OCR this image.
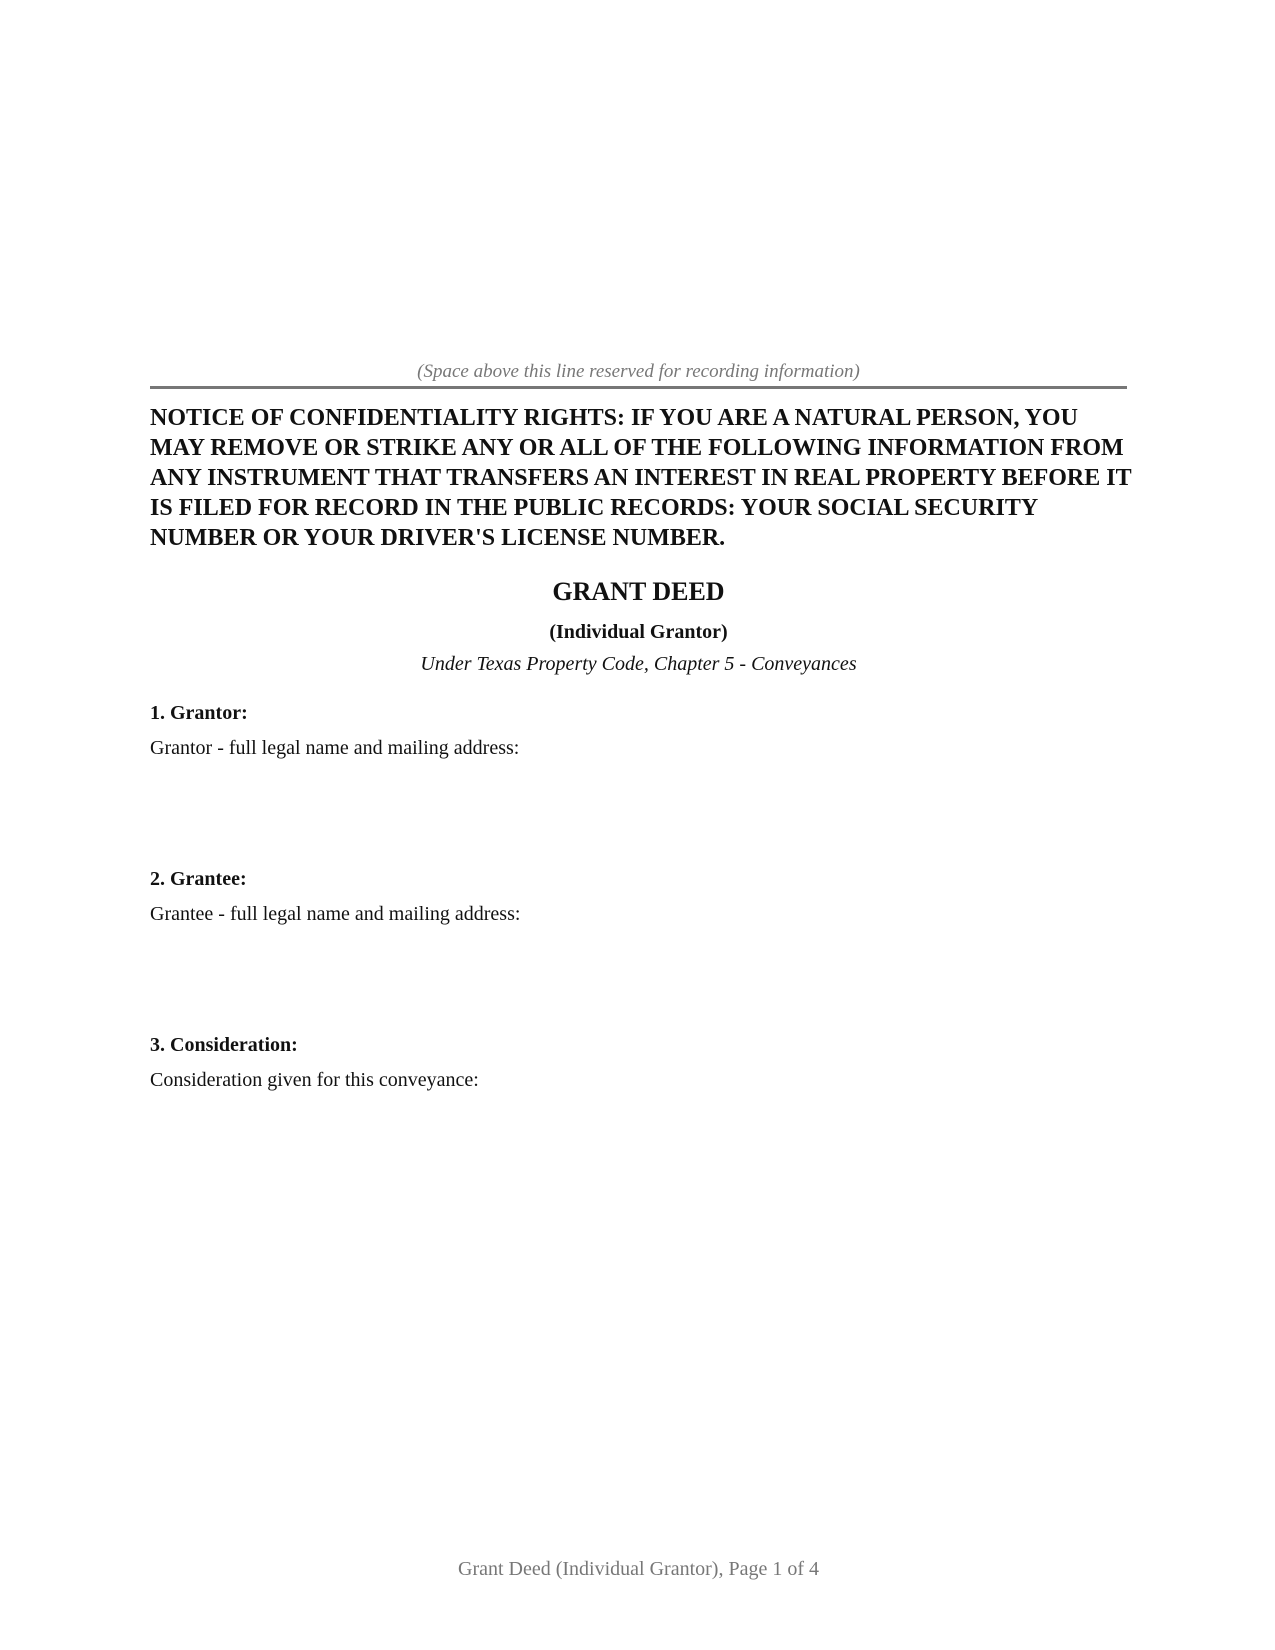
(Space above this line reserved for recording information)

NOTICE OF CONFIDENTIALITY RIGHTS: IF YOU ARE A NATURAL PERSON, YOU MAY REMOVE OR STRIKE ANY OR ALL OF THE FOLLOWING INFORMATION FROM ANY INSTRUMENT THAT TRANSFERS AN INTEREST IN REAL PROPERTY BEFORE IT IS FILED FOR RECORD IN THE PUBLIC RECORDS: YOUR SOCIAL SECURITY NUMBER OR YOUR DRIVER'S LICENSE NUMBER.

GRANT DEED
(Individual Grantor)
Under Texas Property Code, Chapter 5 - Conveyances
1. Grantor:
Grantor - full legal name and mailing address:
2. Grantee:
Grantee - full legal name and mailing address:
3. Consideration:
Consideration given for this conveyance:
Grant Deed (Individual Grantor), Page 1 of 4
